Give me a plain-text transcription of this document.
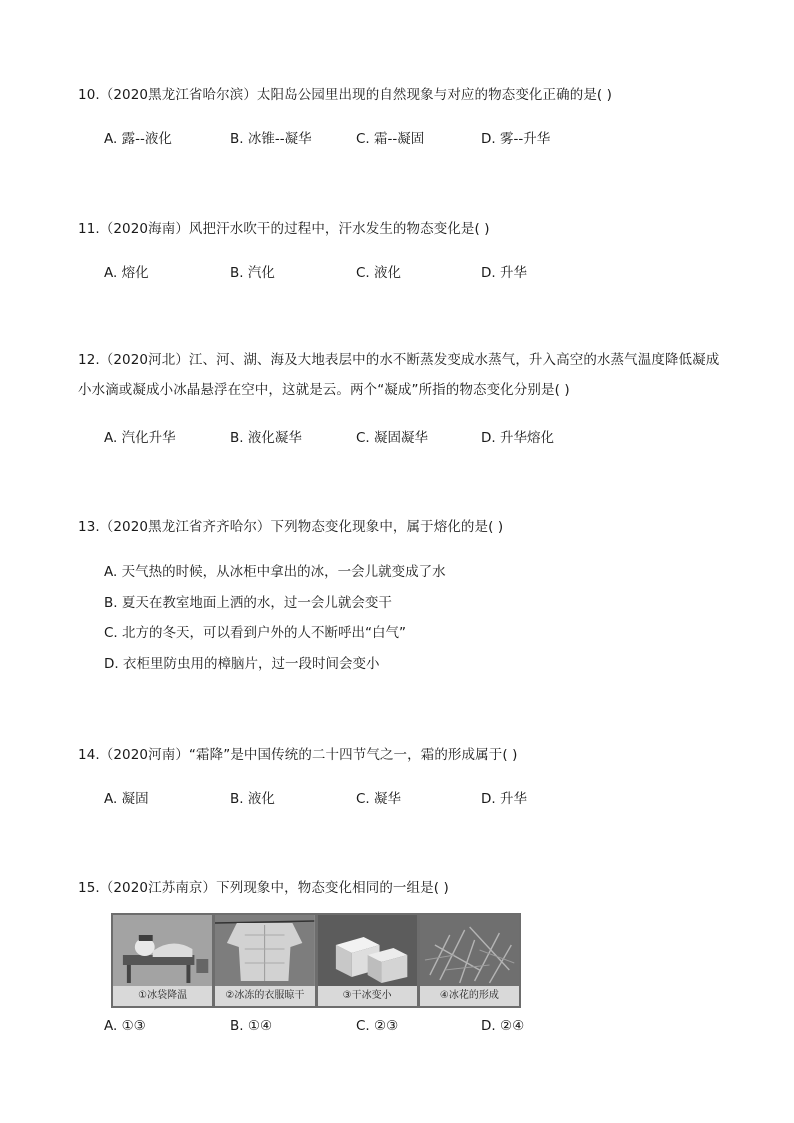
10.（2020黑龙江省哈尔滨）太阳岛公园里出现的自然现象与对应的物态变化正确的是( )
A. 露--液化	B. 冰锥--凝华	C. 霜--凝固	D. 雾--升华
11.（2020海南）风把汗水吹干的过程中，汗水发生的物态变化是( )
A. 熔化	B. 汽化	C. 液化	D. 升华
12.（2020河北）江、河、湖、海及大地表层中的水不断蒸发变成水蒸气，升入高空的水蒸气温度降低凝成小水滴或凝成小冰晶悬浮在空中，这就是云。两个“凝成”所指的物态变化分别是( )
A. 汽化升华	B. 液化凝华	C. 凝固凝华	D. 升华熔化
13.（2020黑龙江省齐齐哈尔）下列物态变化现象中，属于熔化的是( )
A. 天气热的时候，从冰柜中拿出的冰，一会儿就变成了水
B. 夏天在教室地面上洒的水，过一会儿就会变干
C. 北方的冬天，可以看到户外的人不断呼出“白气”
D. 衣柜里防虫用的樟脑片，过一段时间会变小
14.（2020河南）“霜降”是中国传统的二十四节气之一，霜的形成属于( )
A. 凝固	B. 液化	C. 凝华	D. 升华
15.（2020江苏南京）下列现象中，物态变化相同的一组是( )
①冰袋降温	②冰冻的衣服晾干	③干冰变小	④冰花的形成
A. ①③	B. ①④	C. ②③	D. ②④
